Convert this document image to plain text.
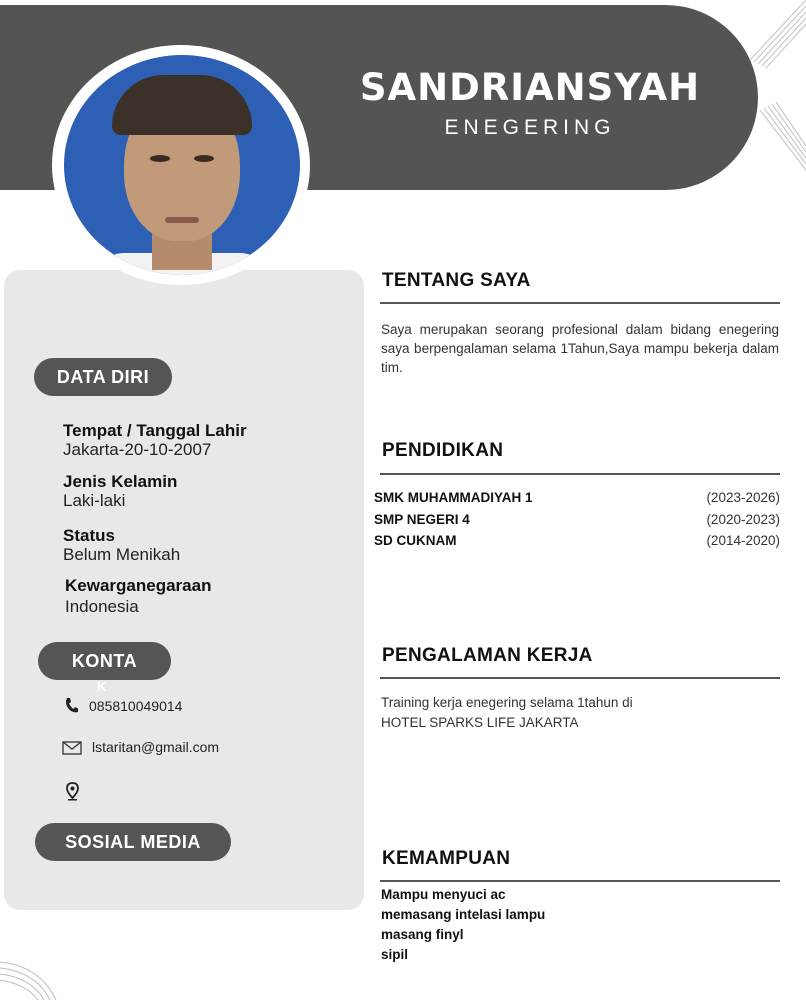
SANDRIANSYAH
ENEGERING
DATA DIRI
Tempat / Tanggal Lahir
Jakarta-20-10-2007
Jenis Kelamin
Laki-laki
Status
Belum Menikah
Kewarganegaraan
Indonesia
KONTA
K
085810049014
lstaritan@gmail.com
SOSIAL MEDIA
TENTANG SAYA
Saya merupakan seorang profesional dalam bidang enegering saya berpengalaman selama 1Tahun,Saya mampu bekerja dalam tim.
PENDIDIKAN
SMK MUHAMMADIYAH 1	(2023-2026)
SMP NEGERI 4	(2020-2023)
SD CUKNAM	(2014-2020)
PENGALAMAN KERJA
Training kerja enegering selama 1tahun di
HOTEL SPARKS LIFE JAKARTA
KEMAMPUAN
Mampu menyuci ac
memasang intelasi lampu
masang finyl
sipil
